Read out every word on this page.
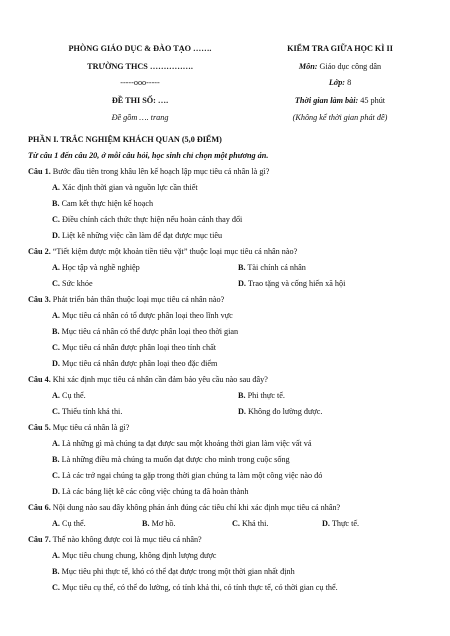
PHÒNG GIÁO DỤC & ĐÀO TẠO …….
TRƯỜNG THCS …………….
-----ooo-----
ĐỀ THI SỐ: ….
Đề gồm …. trang
KIỂM TRA GIỮA HỌC KÌ II
Môn: Giáo dục công dân
Lớp: 8
Thời gian làm bài: 45 phút
(Không kể thời gian phát đề)
PHẦN I. TRẮC NGHIỆM KHÁCH QUAN (5,0 ĐIỂM)
Từ câu 1 đến câu 20, ở mỗi câu hỏi, học sinh chỉ chọn một phương án.
Câu 1. Bước đầu tiên trong khâu lên kế hoạch lập mục tiêu cá nhân là gì?
A. Xác định thời gian và nguồn lực cần thiết
B. Cam kết thực hiện kế hoạch
C. Điều chỉnh cách thức thực hiện nếu hoàn cảnh thay đổi
D. Liệt kê những việc cần làm để đạt được mục tiêu
Câu 2. “Tiết kiệm được một khoản tiền tiêu vặt” thuộc loại mục tiêu cá nhân nào?
A. Học tập và nghề nghiệp	B. Tài chính cá nhân
C. Sức khỏe	D. Trao tặng và cống hiến xã hội
Câu 3. Phát triển bản thân thuộc loại mục tiêu cá nhân nào?
A. Mục tiêu cá nhân có tổ được phân loại theo lĩnh vực
B. Mục tiêu cá nhân có thể được phân loại theo thời gian
C. Mục tiêu cá nhân được phân loại theo tính chất
D. Mục tiêu cá nhân được phân loại theo đặc điểm
Câu 4. Khi xác định mục tiêu cá nhân cần đảm bảo yêu cầu nào sau đây?
A. Cụ thể.	B. Phi thực tế.
C. Thiếu tính khả thi.	D. Không đo lường được.
Câu 5. Mục tiêu cá nhân là gì?
A. Là những gì mà chúng ta đạt được sau một khoảng thời gian làm việc vất vả
B. Là những điều mà chúng ta muốn đạt được cho mình trong cuộc sống
C. Là các trở ngại chúng ta gặp trong thời gian chúng ta làm một công việc nào đó
D. Là các bảng liệt kê các công việc chúng ta đã hoàn thành
Câu 6. Nội dung nào sau đây không phản ánh đúng các tiêu chí khi xác định mục tiêu cá nhân?
A. Cụ thể.	B. Mơ hồ.	C. Khả thi.	D. Thực tế.
Câu 7. Thế nào không được coi là mục tiêu cá nhân?
A. Mục tiêu chung chung, không định lượng được
B. Mục tiêu phi thực tế, khó có thể đạt được trong một thời gian nhất định
C. Mục tiêu cụ thể, có thể đo lường, có tính khả thi, có tính thực tế, có thời gian cụ thể.
